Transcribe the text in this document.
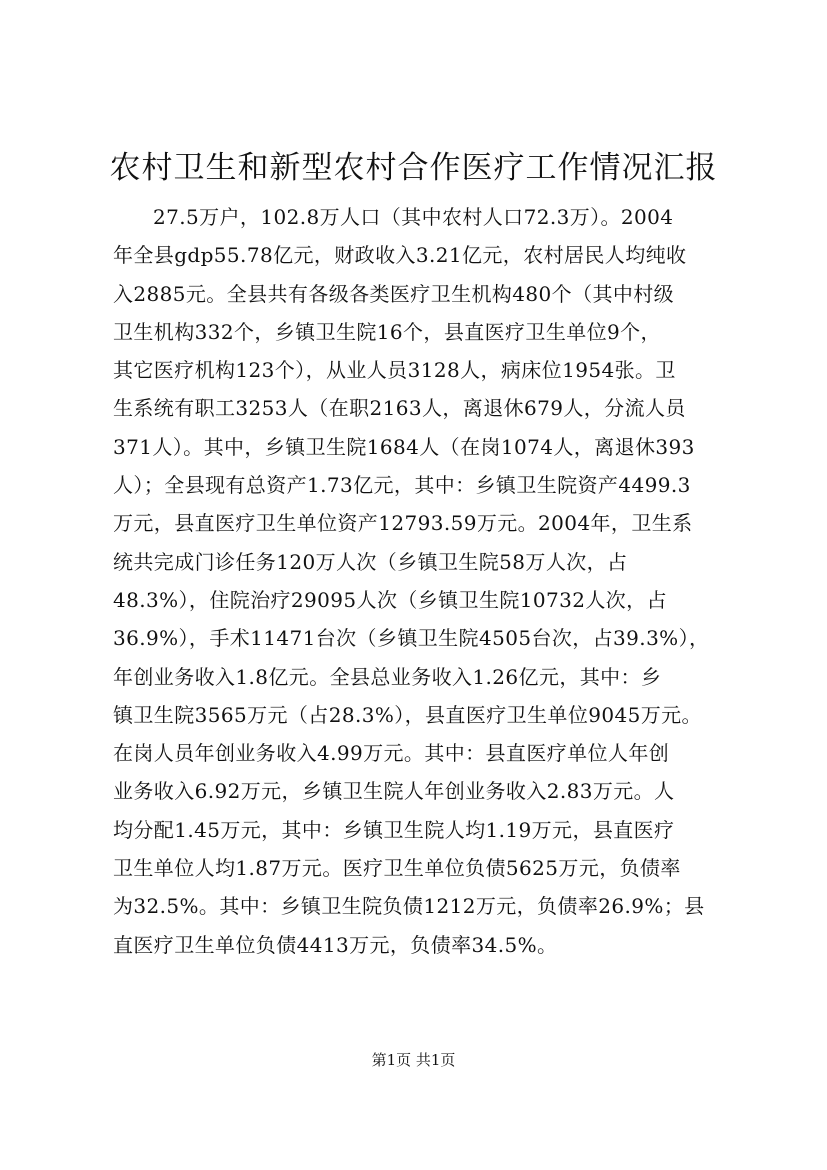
农村卫生和新型农村合作医疗工作情况汇报
27.5万户，102.8万人口（其中农村人口72.3万）。2004
年全县gdp55.78亿元，财政收入3.21亿元，农村居民人均纯收
入2885元。全县共有各级各类医疗卫生机构480个（其中村级
卫生机构332个，乡镇卫生院16个，县直医疗卫生单位9个，
其它医疗机构123个），从业人员3128人，病床位1954张。卫
生系统有职工3253人（在职2163人，离退休679人，分流人员
371人）。其中，乡镇卫生院1684人（在岗1074人，离退休393
人）；全县现有总资产1.73亿元，其中：乡镇卫生院资产4499.3
万元，县直医疗卫生单位资产12793.59万元。2004年，卫生系
统共完成门诊任务120万人次（乡镇卫生院58万人次，占
48.3%），住院治疗29095人次（乡镇卫生院10732人次，占
36.9%），手术11471台次（乡镇卫生院4505台次，占39.3%），
年创业务收入1.8亿元。全县总业务收入1.26亿元，其中：乡
镇卫生院3565万元（占28.3%），县直医疗卫生单位9045万元。
在岗人员年创业务收入4.99万元。其中：县直医疗单位人年创
业务收入6.92万元，乡镇卫生院人年创业务收入2.83万元。人
均分配1.45万元，其中：乡镇卫生院人均1.19万元，县直医疗
卫生单位人均1.87万元。医疗卫生单位负债5625万元，负债率
为32.5%。其中：乡镇卫生院负债1212万元，负债率26.9%；县
直医疗卫生单位负债4413万元，负债率34.5%。
第1页 共1页
